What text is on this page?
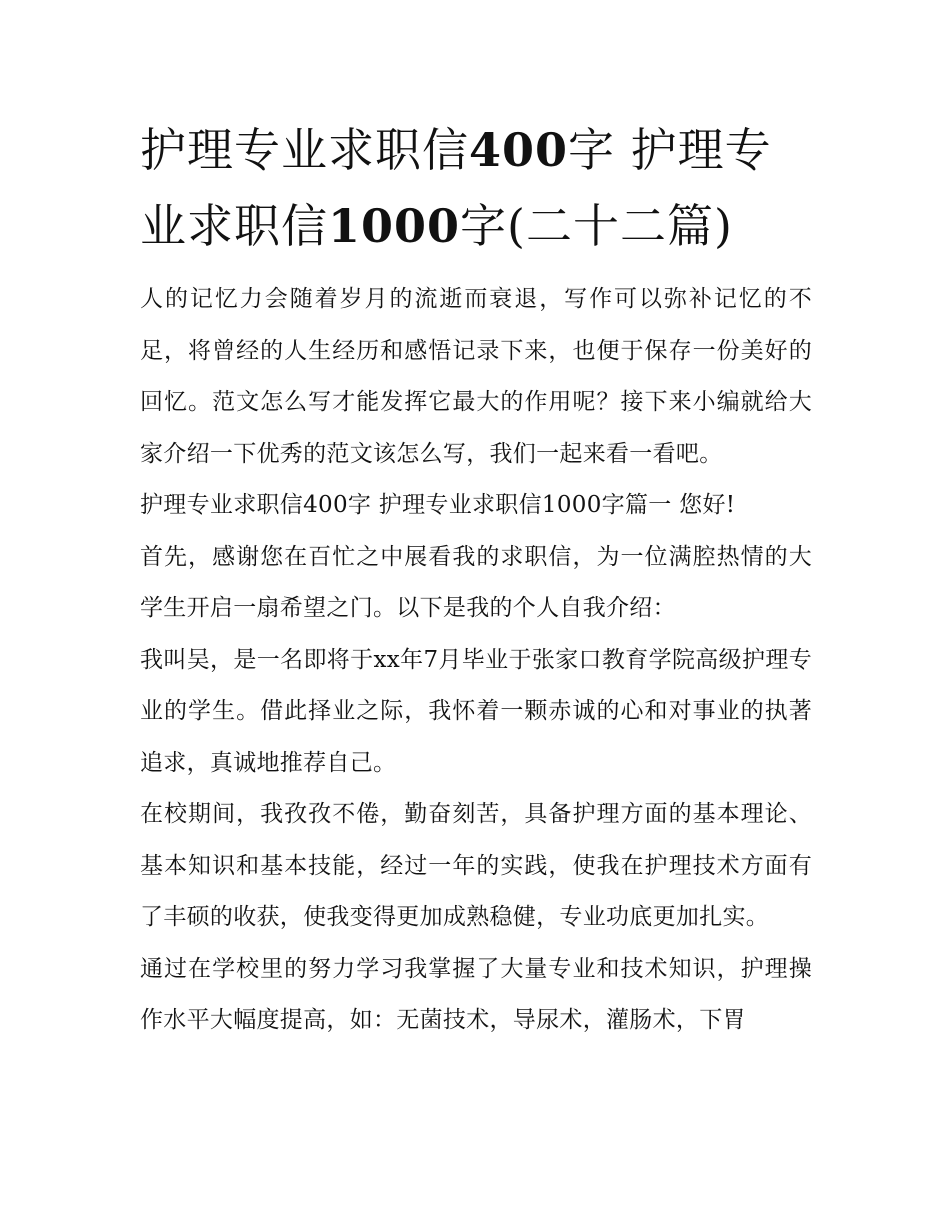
护理专业求职信400字 护理专业求职信1000字(二十二篇)

人的记忆力会随着岁月的流逝而衰退，写作可以弥补记忆的不足，将曾经的人生经历和感悟记录下来，也便于保存一份美好的回忆。范文怎么写才能发挥它最大的作用呢？接下来小编就给大家介绍一下优秀的范文该怎么写，我们一起来看一看吧。

护理专业求职信400字 护理专业求职信1000字篇一 您好!

首先，感谢您在百忙之中展看我的求职信，为一位满腔热情的大学生开启一扇希望之门。以下是我的个人自我介绍：

我叫吴，是一名即将于xx年7月毕业于张家口教育学院高级护理专业的学生。借此择业之际，我怀着一颗赤诚的心和对事业的执著追求，真诚地推荐自己。

在校期间，我孜孜不倦，勤奋刻苦，具备护理方面的基本理论、基本知识和基本技能，经过一年的实践，使我在护理技术方面有了丰硕的收获，使我变得更加成熟稳健，专业功底更加扎实。

通过在学校里的努力学习我掌握了大量专业和技术知识，护理操作水平大幅度提高，如：无菌技术，导尿术，灌肠术，下胃
